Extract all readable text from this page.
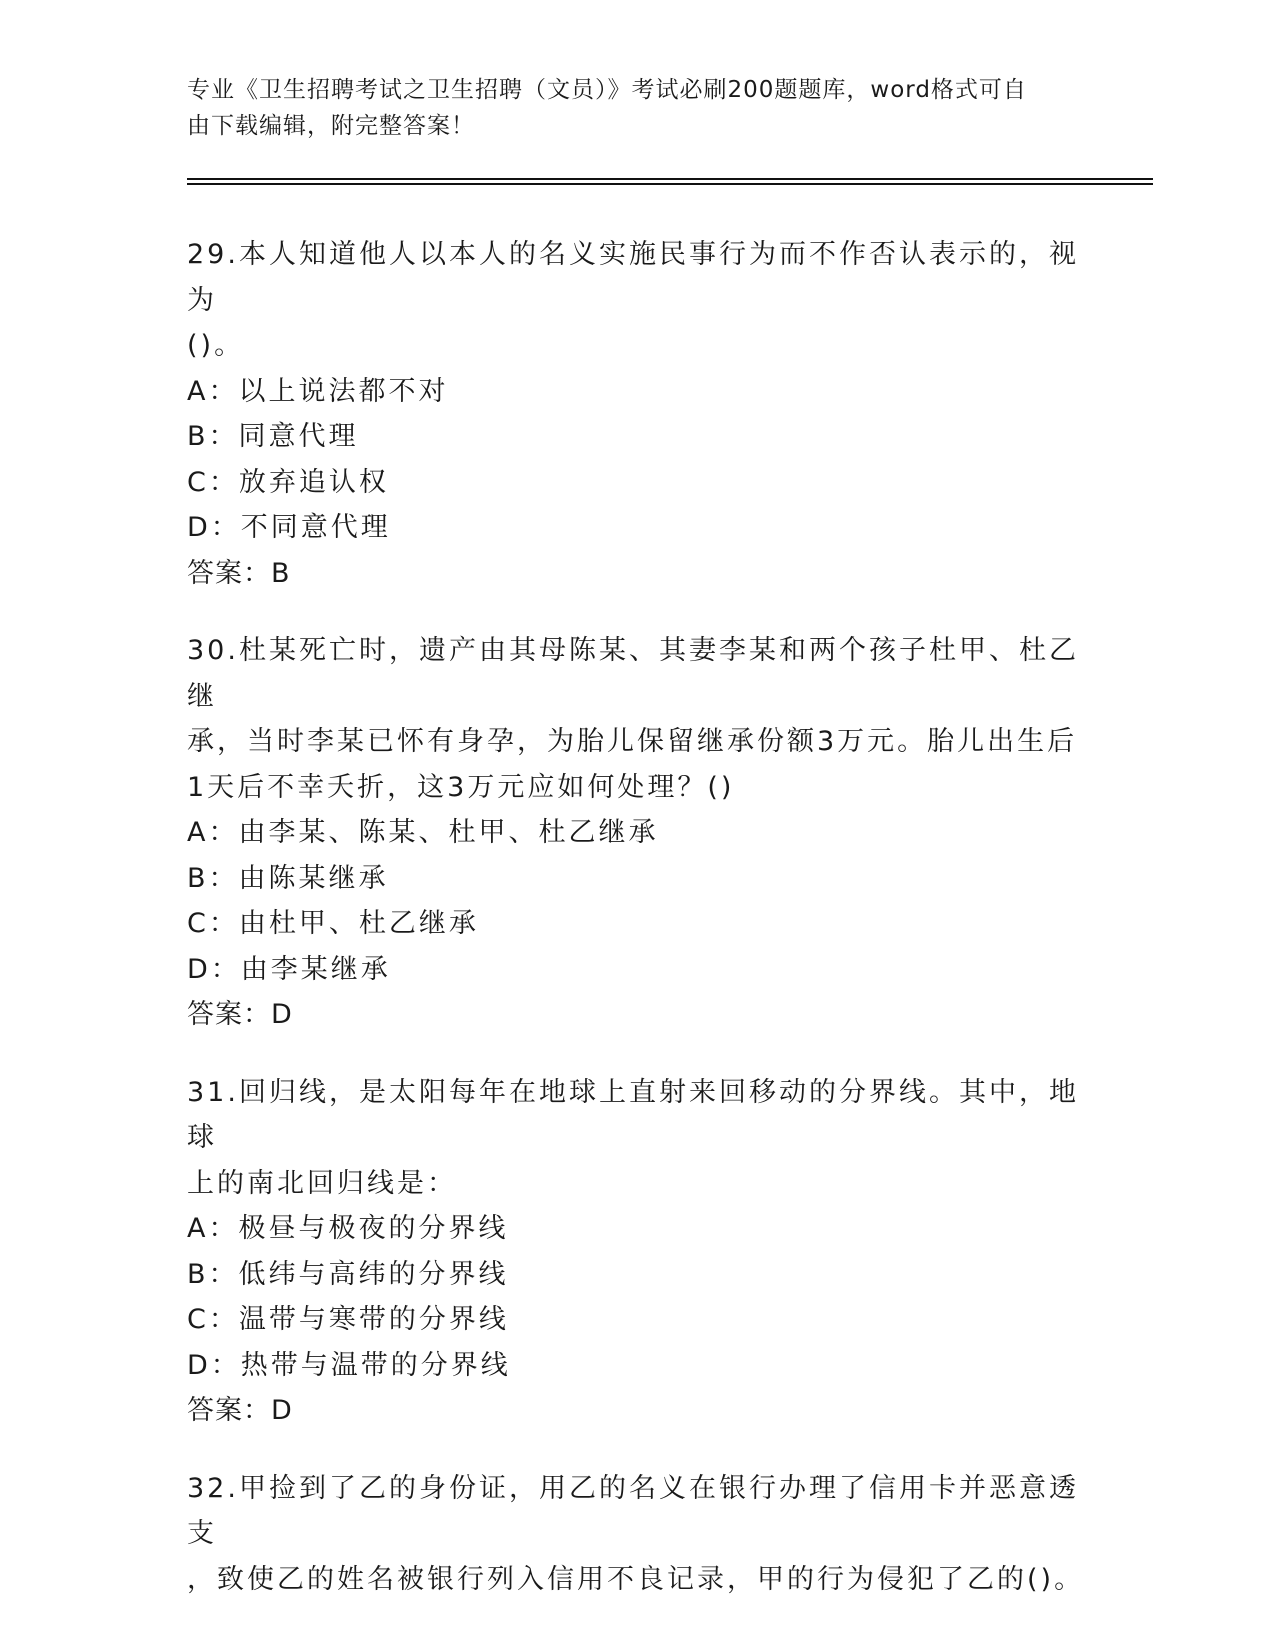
专业《卫生招聘考试之卫生招聘（文员）》考试必刷200题题库，word格式可自
由下载编辑，附完整答案！

29.本人知道他人以本人的名义实施民事行为而不作否认表示的，视为

()。

A：以上说法都不对

B：同意代理

C：放弃追认权

D：不同意代理

答案：B

30.杜某死亡时，遗产由其母陈某、其妻李某和两个孩子杜甲、杜乙继

承，当时李某已怀有身孕，为胎儿保留继承份额3万元。胎儿出生后

1天后不幸夭折，这3万元应如何处理？()

A：由李某、陈某、杜甲、杜乙继承

B：由陈某继承

C：由杜甲、杜乙继承

D：由李某继承

答案：D

31.回归线，是太阳每年在地球上直射来回移动的分界线。其中，地球

上的南北回归线是：

A：极昼与极夜的分界线

B：低纬与高纬的分界线

C：温带与寒带的分界线

D：热带与温带的分界线

答案：D

32.甲捡到了乙的身份证，用乙的名义在银行办理了信用卡并恶意透支

，致使乙的姓名被银行列入信用不良记录，甲的行为侵犯了乙的()。
